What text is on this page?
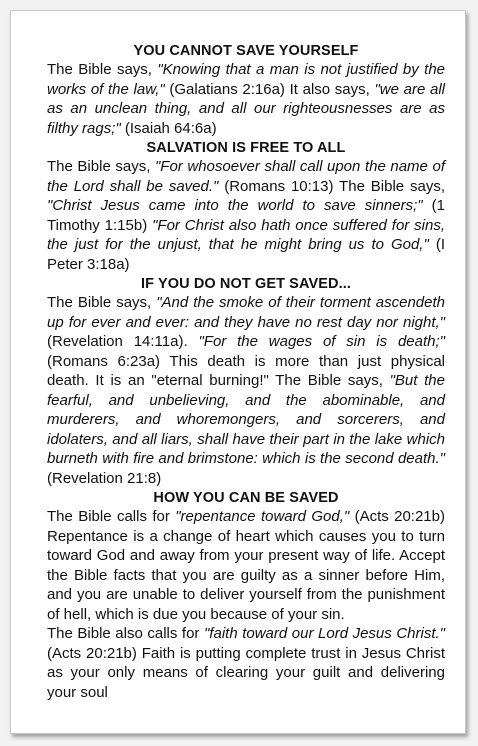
YOU CANNOT SAVE YOURSELF

The Bible says, "Knowing that a man is not justified by the works of the law," (Galatians 2:16a) It also says, "we are all as an unclean thing, and all our righteousnesses are as filthy rags;" (Isaiah 64:6a)

SALVATION IS FREE TO ALL

The Bible says, "For whosoever shall call upon the name of the Lord shall be saved." (Romans 10:13) The Bible says, "Christ Jesus came into the world to save sinners;" (1 Timothy 1:15b) "For Christ also hath once suffered for sins, the just for the unjust, that he might bring us to God," (I Peter 3:18a)

IF YOU DO NOT GET SAVED...

The Bible says, "And the smoke of their torment ascendeth up for ever and ever: and they have no rest day nor night," (Revelation 14:11a). "For the wages of sin is death;" (Romans 6:23a) This death is more than just physical death. It is an "eternal burning!" The Bible says, "But the fearful, and unbelieving, and the abominable, and murderers, and whoremongers, and sorcerers, and idolaters, and all liars, shall have their part in the lake which burneth with fire and brimstone: which is the second death." (Revelation 21:8)

HOW YOU CAN BE SAVED

The Bible calls for "repentance toward God," (Acts 20:21b) Repentance is a change of heart which causes you to turn toward God and away from your present way of life. Accept the Bible facts that you are guilty as a sinner before Him, and you are unable to deliver yourself from the punishment of hell, which is due you because of your sin.

The Bible also calls for "faith toward our Lord Jesus Christ." (Acts 20:21b) Faith is putting complete trust in Jesus Christ as your only means of clearing your guilt and delivering your soul
